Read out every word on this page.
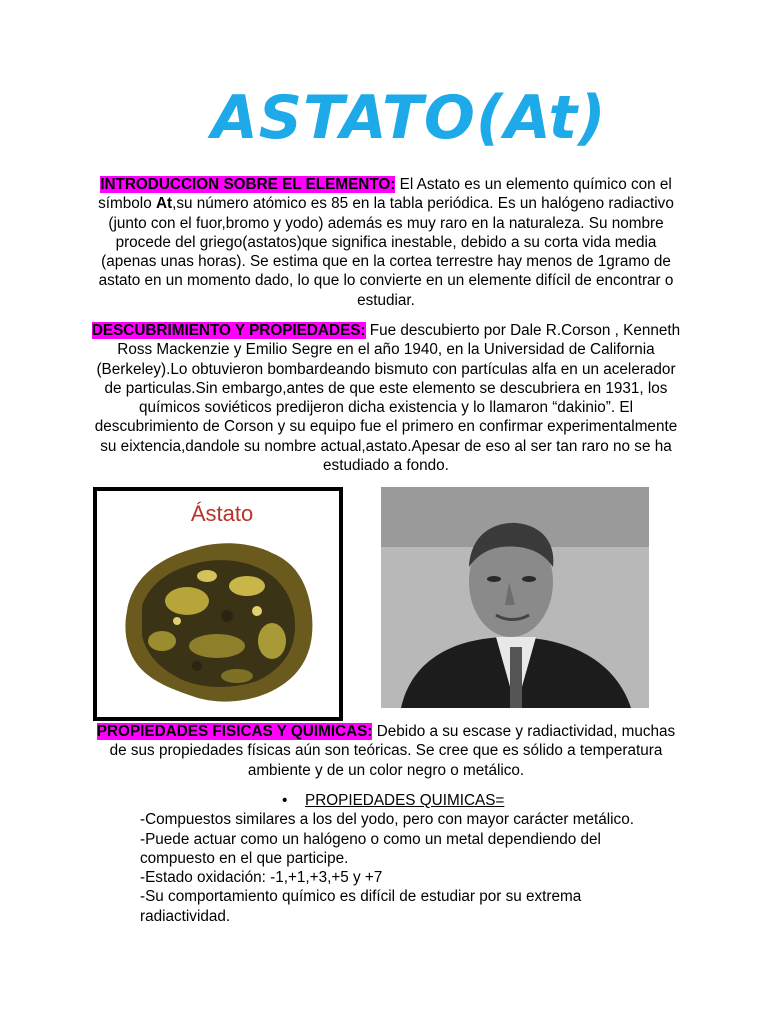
ASTATO(At)
INTRODUCCION SOBRE EL ELEMENTO: El Astato es un elemento químico con el símbolo At,su número atómico es 85 en la tabla periódica. Es un halógeno radiactivo (junto con el fuor,bromo y yodo) además es muy raro en la naturaleza. Su nombre procede del griego(astatos)que significa inestable, debido a su corta vida media (apenas unas horas). Se estima que en la cortea terrestre hay menos de 1gramo de astato en un momento dado, lo que lo convierte en un elemente difícil de encontrar o estudiar.
DESCUBRIMIENTO Y PROPIEDADES: Fue descubierto por Dale R.Corson , Kenneth Ross Mackenzie y Emilio Segre en el año 1940, en la Universidad de California (Berkeley).Lo obtuvieron bombardeando bismuto con partículas alfa en un acelerador de particulas.Sin embargo,antes de que este elemento se descubriera en 1931, los químicos soviéticos predijeron dicha existencia y lo llamaron “dakinio”. El descubrimiento de Corson y su equipo fue el primero en confirmar experimentalmente su eixtencia,dandole su nombre actual,astato.Apesar de eso al ser tan raro no se ha estudiado a fondo.
Ástato
PROPIEDADES FISICAS Y QUIMICAS: Debido a su escase y radiactividad, muchas de sus propiedades físicas aún son teóricas. Se cree que es sólido a temperatura ambiente y de un color negro o metálico.
• PROPIEDADES QUIMICAS=
-Compuestos similares a los del yodo, pero con mayor carácter metálico.
-Puede actuar como un halógeno o como un metal dependiendo del compuesto en el que participe.
-Estado oxidación: -1,+1,+3,+5 y +7
-Su comportamiento químico es difícil de estudiar por su extrema radiactividad.
